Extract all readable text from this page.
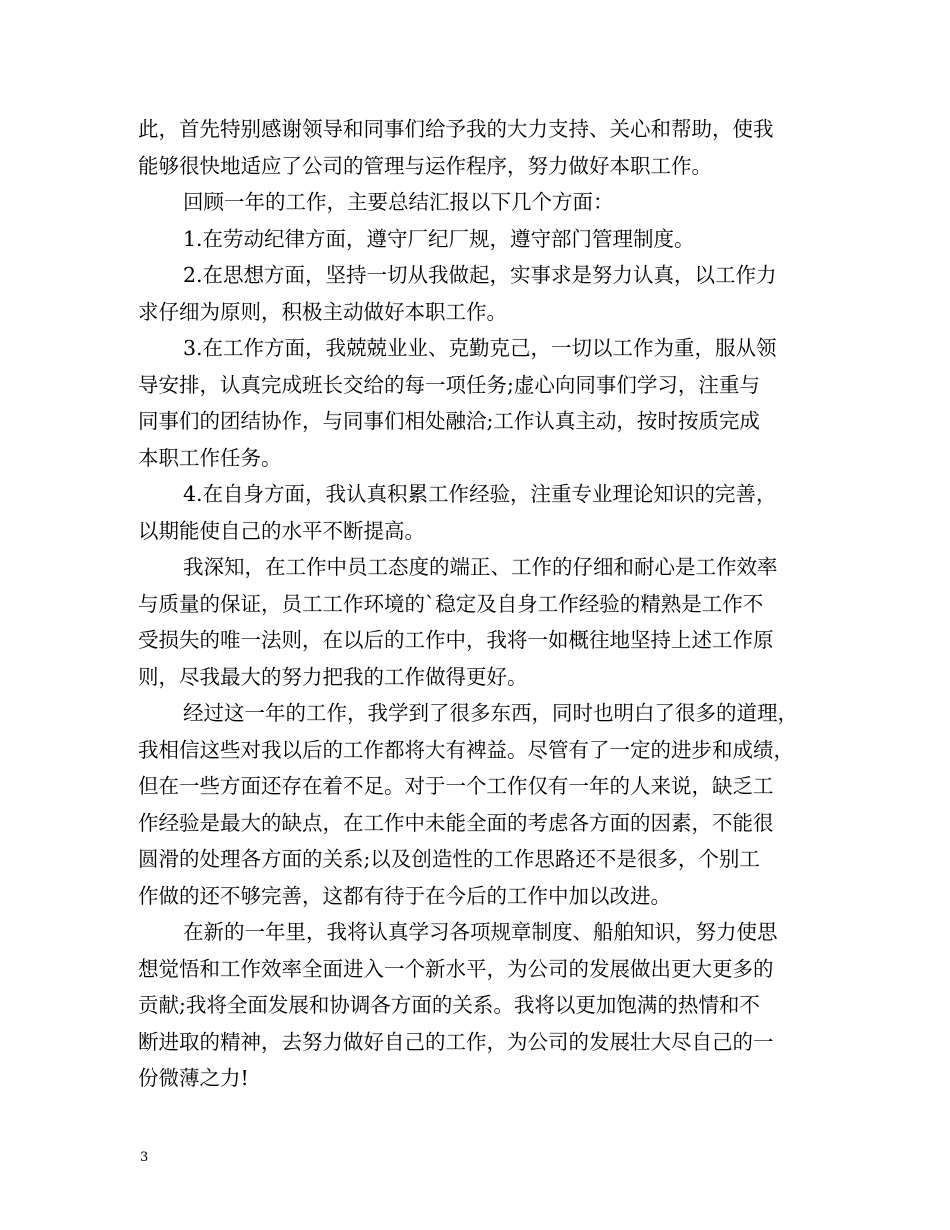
此，首先特别感谢领导和同事们给予我的大力支持、关心和帮助，使我
能够很快地适应了公司的管理与运作程序，努力做好本职工作。
回顾一年的工作，主要总结汇报以下几个方面：
1.在劳动纪律方面，遵守厂纪厂规，遵守部门管理制度。
2.在思想方面，坚持一切从我做起，实事求是努力认真，以工作力
求仔细为原则，积极主动做好本职工作。
3.在工作方面，我兢兢业业、克勤克己，一切以工作为重，服从领
导安排，认真完成班长交给的每一项任务;虚心向同事们学习，注重与
同事们的团结协作，与同事们相处融洽;工作认真主动，按时按质完成
本职工作任务。
4.在自身方面，我认真积累工作经验，注重专业理论知识的完善，
以期能使自己的水平不断提高。
我深知，在工作中员工态度的端正、工作的仔细和耐心是工作效率
与质量的保证，员工工作环境的`稳定及自身工作经验的精熟是工作不
受损失的唯一法则，在以后的工作中，我将一如概往地坚持上述工作原
则，尽我最大的努力把我的工作做得更好。
经过这一年的工作，我学到了很多东西，同时也明白了很多的道理，
我相信这些对我以后的工作都将大有裨益。尽管有了一定的进步和成绩，
但在一些方面还存在着不足。对于一个工作仅有一年的人来说，缺乏工
作经验是最大的缺点，在工作中未能全面的考虑各方面的因素，不能很
圆滑的处理各方面的关系;以及创造性的工作思路还不是很多，个别工
作做的还不够完善，这都有待于在今后的工作中加以改进。
在新的一年里，我将认真学习各项规章制度、船舶知识，努力使思
想觉悟和工作效率全面进入一个新水平，为公司的发展做出更大更多的
贡献;我将全面发展和协调各方面的关系。我将以更加饱满的热情和不
断进取的精神，去努力做好自己的工作，为公司的发展壮大尽自己的一
份微薄之力!
3
